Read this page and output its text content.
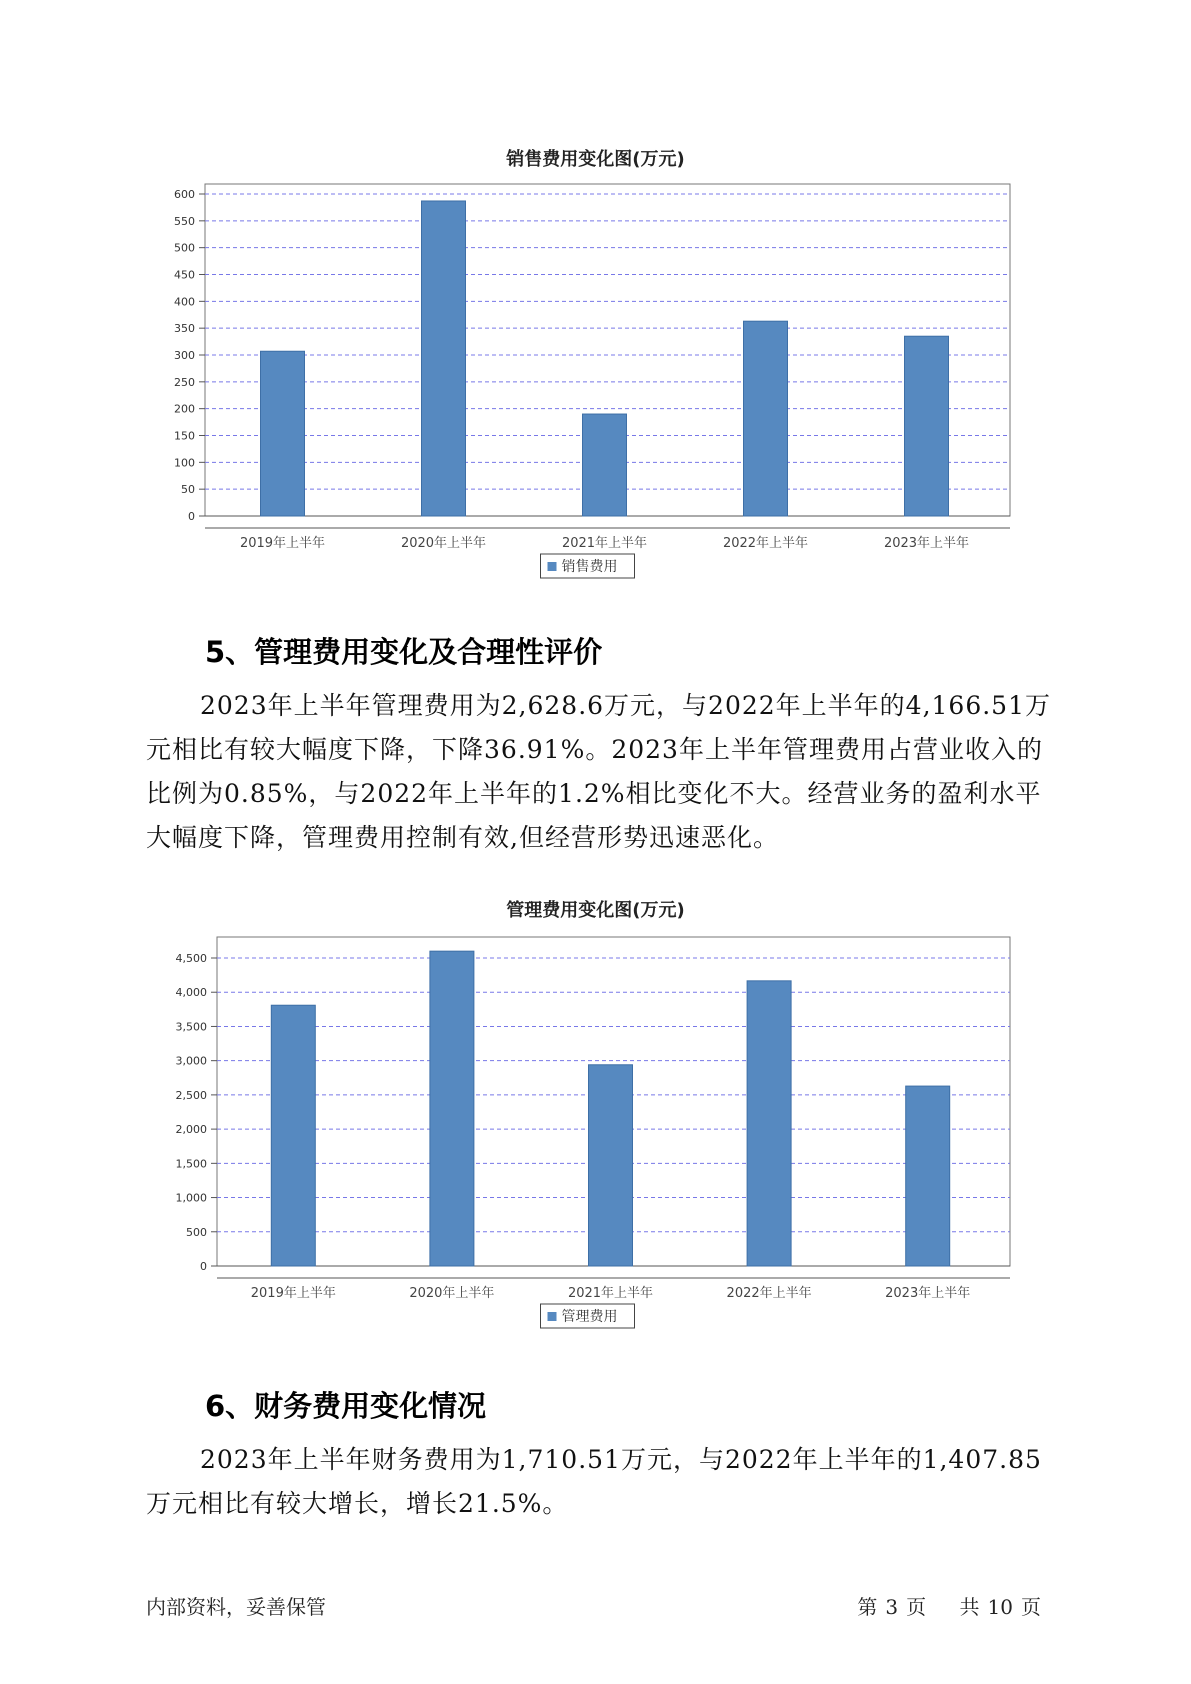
销售费用变化图(万元)
0
50
100
150
200
250
300
350
400
450
500
550
600
2019年上半年	2020年上半年	2021年上半年	2022年上半年	2023年上半年
销售费用
5、管理费用变化及合理性评价

2023年上半年管理费用为2,628.6万元，与2022年上半年的4,166.51万元相比有较大幅度下降，下降36.91%。2023年上半年管理费用占营业收入的比例为0.85%，与2022年上半年的1.2%相比变化不大。经营业务的盈利水平大幅度下降，管理费用控制有效,但经营形势迅速恶化。

管理费用变化图(万元)
0
500
1,000
1,500
2,000
2,500
3,000
3,500
4,000
4,500
2019年上半年	2020年上半年	2021年上半年	2022年上半年	2023年上半年
管理费用
6、财务费用变化情况

2023年上半年财务费用为1,710.51万元，与2022年上半年的1,407.85万元相比有较大增长，增长21.5%。

内部资料，妥善保管	第 3 页 共 10 页
